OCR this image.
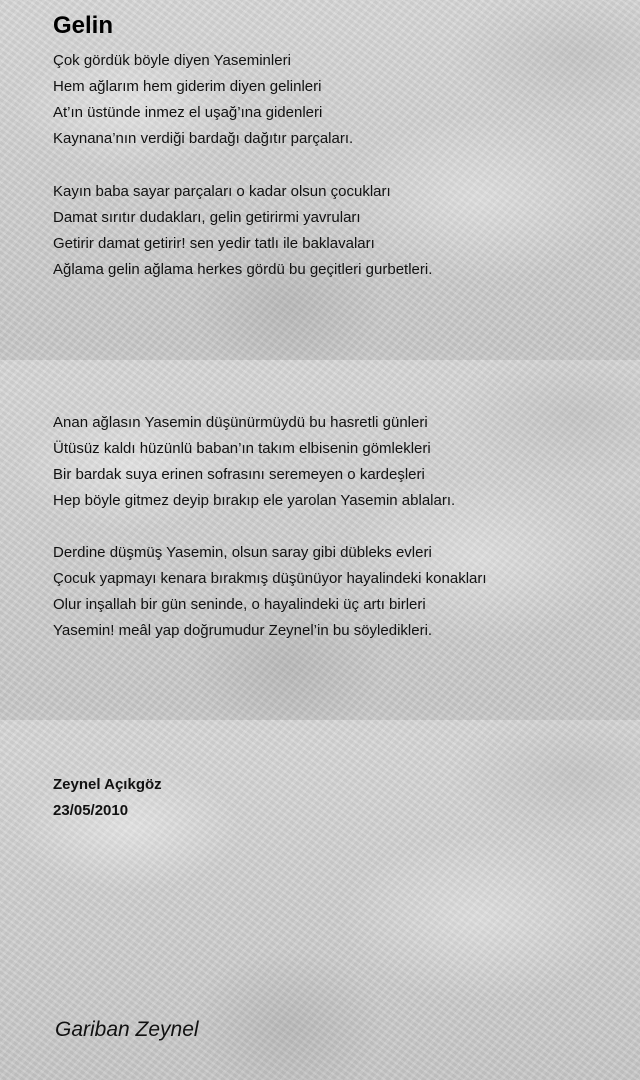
Gelin
Çok gördük böyle diyen Yaseminleri
Hem ağlarım hem giderim diyen gelinleri
At’ın üstünde inmez el uşağ’ına gidenleri
Kaynana’nın verdiği bardağı dağıtır parçaları.
Kayın baba sayar parçaları o kadar olsun çocukları
Damat sırıtır dudakları, gelin getirirmi yavruları
Getirir damat getirir! sen yedir tatlı ile baklavaları
Ağlama gelin ağlama herkes gördü bu geçitleri gurbetleri.
Anan ağlasın Yasemin düşünürmüydü bu hasretli günleri
Ütüsüz kaldı hüzünlü baban’ın takım elbisenin gömlekleri
Bir bardak suya erinen sofrasını seremeyen o kardeşleri
Hep böyle gitmez deyip bırakıp ele yarolan Yasemin ablaları.
Derdine düşmüş Yasemin, olsun saray gibi dübleks evleri
Çocuk yapmayı kenara bırakmış düşünüyor hayalindeki konakları
Olur inşallah bir gün seninde, o hayalindeki üç artı birleri
Yasemin! meâl yap doğrumudur Zeynel’in bu söyledikleri.
Zeynel Açıkgöz
23/05/2010
Gariban Zeynel
